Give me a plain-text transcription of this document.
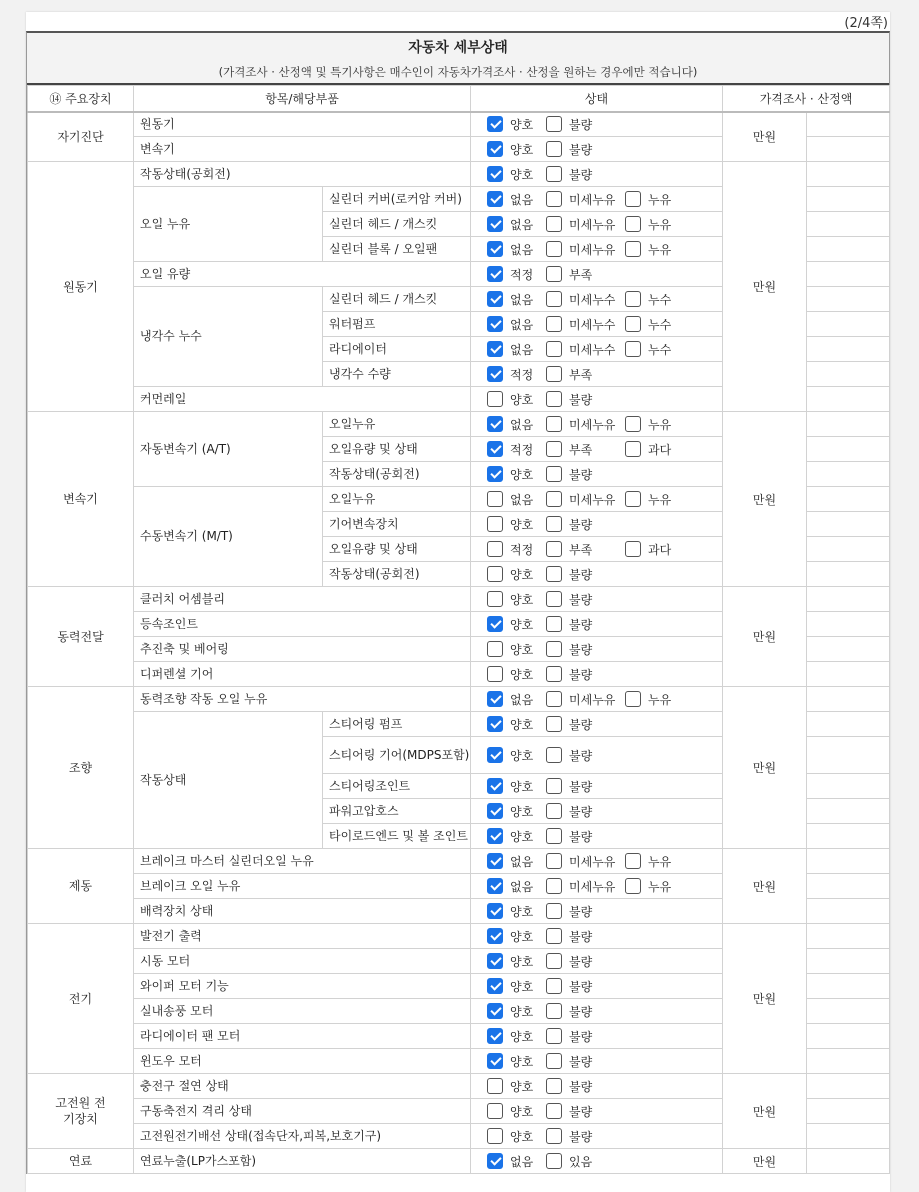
(2/4쪽)
자동차 세부상태
(가격조사 · 산정액 및 특기사항은 매수인이 자동차가격조사 · 산정을 원하는 경우에만 적습니다)
⑭ 주요장치	항목/해당부품		상태	가격조사 · 산정액	
자기진단	원동기		양호 불량	만원	
	변속기		양호 불량		
원동기	작동상태(공회전)		양호 불량	만원	
	오일 누유	실린더 커버(로커암 커버)	없음 미세누유 누유		
		실린더 헤드 / 개스킷	없음 미세누유 누유		
		실린더 블록 / 오일팬	없음 미세누유 누유		
	오일 유량		적정 부족		
	냉각수 누수	실린더 헤드 / 개스킷	없음 미세누수 누수		
		워터펌프	없음 미세누수 누수		
		라디에이터	없음 미세누수 누수		
		냉각수 수량	적정 부족		
	커먼레일		양호 불량		
변속기	자동변속기 (A/T)	오일누유	없음 미세누유 누유	만원	
		오일유량 및 상태	적정 부족 과다		
		작동상태(공회전)	양호 불량		
	수동변속기 (M/T)	오일누유	없음 미세누유 누유		
		기어변속장치	양호 불량		
		오일유량 및 상태	적정 부족 과다		
		작동상태(공회전)	양호 불량		
동력전달	클러치 어셈블리		양호 불량	만원	
	등속조인트		양호 불량		
	추진축 및 베어링		양호 불량		
	디퍼렌셜 기어		양호 불량		
조향	동력조향 작동 오일 누유		없음 미세누유 누유	만원	
	작동상태	스티어링 펌프	양호 불량		
		스티어링 기어(MDPS포함)	양호 불량		
		스티어링조인트	양호 불량		
		파워고압호스	양호 불량		
		타이로드엔드 및 볼 조인트	양호 불량		
제동	브레이크 마스터 실린더오일 누유		없음 미세누유 누유	만원	
	브레이크 오일 누유		없음 미세누유 누유		
	배력장치 상태		양호 불량		
전기	발전기 출력		양호 불량	만원	
	시동 모터		양호 불량		
	와이퍼 모터 기능		양호 불량		
	실내송풍 모터		양호 불량		
	라디에이터 팬 모터		양호 불량		
	윈도우 모터		양호 불량		
고전원 전기장치	충전구 절연 상태		양호 불량	만원	
	구동축전지 격리 상태		양호 불량		
	고전원전기배선 상태(접속단자,피복,보호기구)		양호 불량		
연료	연료누출(LP가스포함)		없음 있음	만원	
